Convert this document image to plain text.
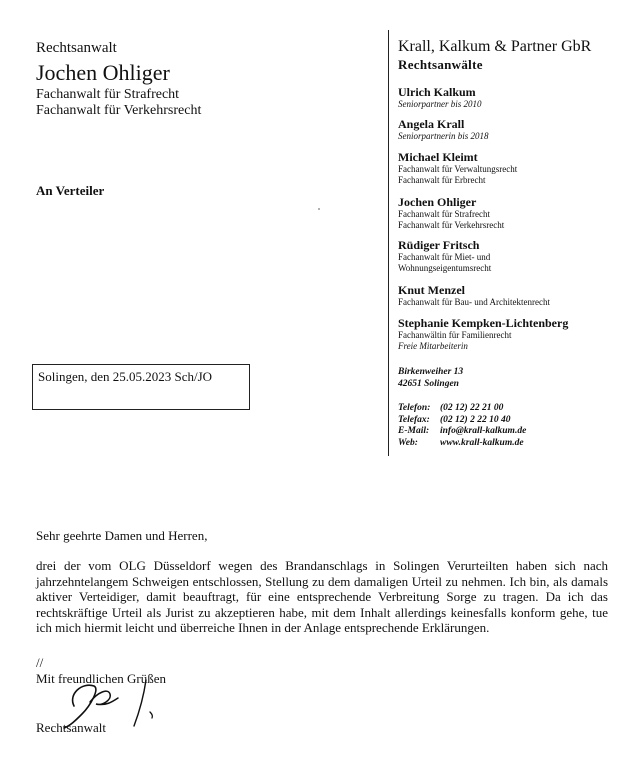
Rechtsanwalt
Jochen Ohliger
Fachanwalt für Strafrecht
Fachanwalt für Verkehrsrecht
An Verteiler
Solingen, den 25.05.2023 Sch/JO
Krall, Kalkum & Partner GbR
Rechtsanwälte
Ulrich Kalkum
Seniorpartner bis 2010
Angela Krall
Seniorpartnerin bis 2018
Michael Kleimt
Fachanwalt für Verwaltungsrecht
Fachanwalt für Erbrecht
Jochen Ohliger
Fachanwalt für Strafrecht
Fachanwalt für Verkehrsrecht
Rüdiger Fritsch
Fachanwalt für Miet- und
Wohnungseigentumsrecht
Knut Menzel
Fachanwalt für Bau- und Architektenrecht
Stephanie Kempken-Lichtenberg
Fachanwältin für Familienrecht
Freie Mitarbeiterin
Birkenweiher 13
42651 Solingen
Telefon:	(02 12) 22 21 00
Telefax:	(02 12) 2 22 10 40
E-Mail:	info@krall-kalkum.de
Web:	www.krall-kalkum.de
Sehr geehrte Damen und Herren,
drei der vom OLG Düsseldorf wegen des Brandanschlags in Solingen Verurteilten haben sich nach jahrzehntelangem Schweigen entschlossen, Stellung zu dem damaligen Urteil zu nehmen. Ich bin, als damals aktiver Verteidiger, damit beauftragt, für eine entsprechende Verbreitung Sorge zu tragen. Da ich das rechtskräftige Urteil als Jurist zu akzeptieren habe, mit dem Inhalt allerdings keinesfalls konform gehe, tue ich mich hiermit leicht und überreiche Ihnen in der Anlage entsprechende Erklärungen.
//
Mit freundlichen Grüßen
Rechtsanwalt
